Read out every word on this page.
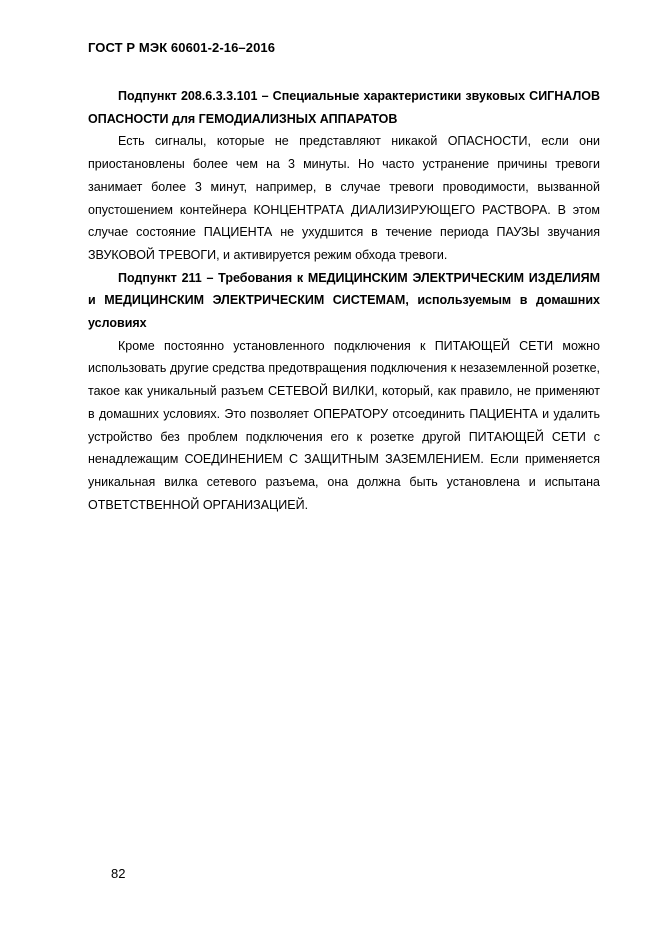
ГОСТ Р МЭК 60601-2-16–2016

Подпункт 208.6.3.3.101 – Специальные характеристики звуковых СИГНАЛОВ ОПАСНОСТИ для ГЕМОДИАЛИЗНЫХ АППАРАТОВ

Есть сигналы, которые не представляют никакой ОПАСНОСТИ, если они приостановлены более чем на 3 минуты. Но часто устранение причины тревоги занимает более 3 минут, например, в случае тревоги проводимости, вызванной опустошением контейнера КОНЦЕНТРАТА ДИАЛИЗИРУЮЩЕГО РАСТВОРА. В этом случае состояние ПАЦИЕНТА не ухудшится в течение периода ПАУЗЫ звучания ЗВУКОВОЙ ТРЕВОГИ, и активируется режим обхода тревоги.

Подпункт 211 – Требования к МЕДИЦИНСКИМ ЭЛЕКТРИЧЕСКИМ ИЗДЕЛИЯМ и МЕДИЦИНСКИМ ЭЛЕКТРИЧЕСКИМ СИСТЕМАМ, используемым в домашних условиях

Кроме постоянно установленного подключения к ПИТАЮЩЕЙ СЕТИ можно использовать другие средства предотвращения подключения к незаземленной розетке, такое как уникальный разъем СЕТЕВОЙ ВИЛКИ, который, как правило, не применяют в домашних условиях. Это позволяет ОПЕРАТОРУ отсоединить ПАЦИЕНТА и удалить устройство без проблем подключения его к розетке другой ПИТАЮЩЕЙ СЕТИ с ненадлежащим СОЕДИНЕНИЕМ С ЗАЩИТНЫМ ЗАЗЕМЛЕНИЕМ. Если применяется уникальная вилка сетевого разъема, она должна быть установлена и испытана ОТВЕТСТВЕННОЙ ОРГАНИЗАЦИЕЙ.

82
